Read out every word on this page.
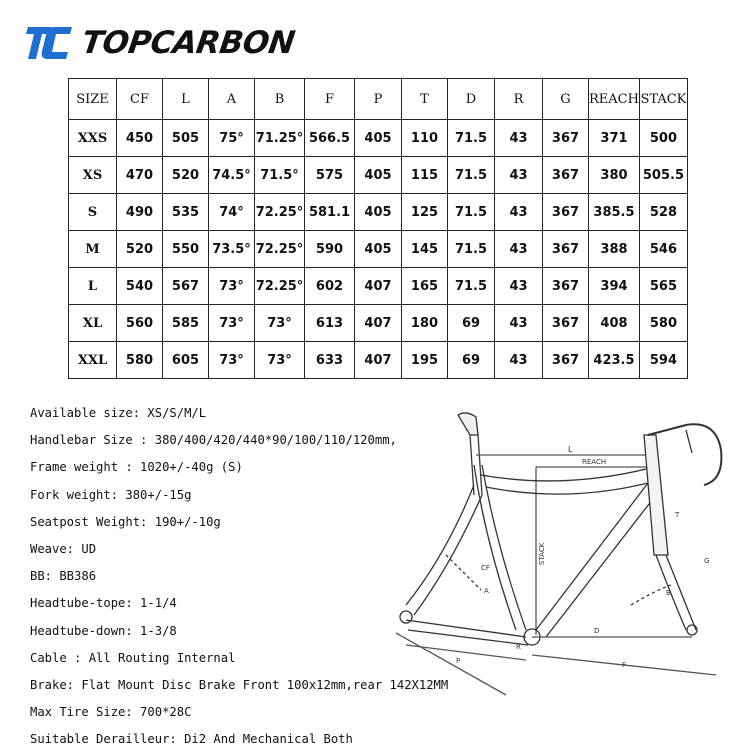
TOPCARBON
SIZE	CF	L	A	B	F	P	T	D	R	G	REACH	STACK
XXS	450	505	75°	71.25°	566.5	405	110	71.5	43	367	371	500
XS	470	520	74.5°	71.5°	575	405	115	71.5	43	367	380	505.5
S	490	535	74°	72.25°	581.1	405	125	71.5	43	367	385.5	528
M	520	550	73.5°	72.25°	590	405	145	71.5	43	367	388	546
L	540	567	73°	72.25°	602	407	165	71.5	43	367	394	565
XL	560	585	73°	73°	613	407	180	69	43	367	408	580
XXL	580	605	73°	73°	633	407	195	69	43	367	423.5	594
Available size: XS/S/M/L
Handlebar Size : 380/400/420/440*90/100/110/120mm,
Frame weight : 1020+/-40g (S)
Fork weight: 380+/-15g
Seatpost Weight: 190+/-10g
Weave: UD
BB: BB386
Headtube-tope: 1-1/4
Headtube-down: 1-3/8
Cable : All Routing Internal
Brake: Flat Mount Disc Brake Front 100x12mm,rear 142X12MM
Max Tire Size: 700*28C
Suitable Derailleur: Di2 And Mechanical Both
L
REACH
STACK
CF
A	B
G
D
T
R
P	F
